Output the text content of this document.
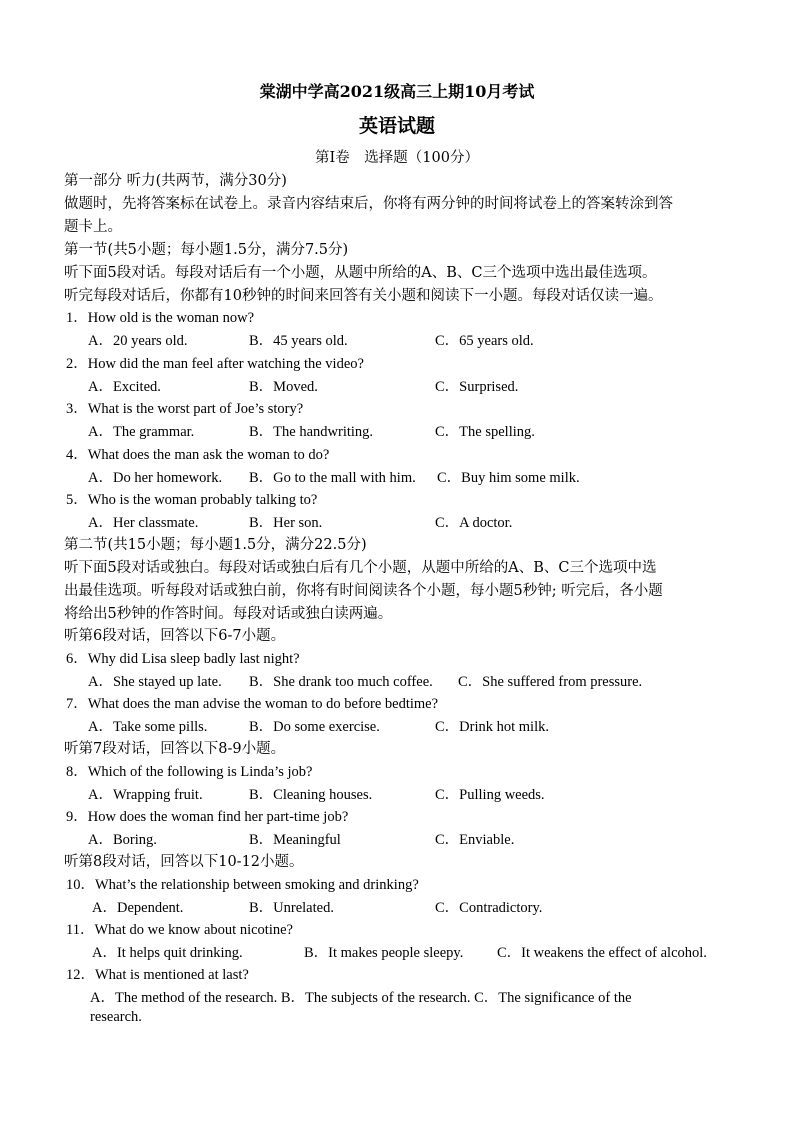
棠湖中学高2021级高三上期10月考试
英语试题
第Ⅰ卷　选择题（100分）
第一部分 听力(共两节，满分30分)
做题时，先将答案标在试卷上。录音内容结束后，你将有两分钟的时间将试卷上的答案转涂到答
题卡上。
第一节(共5小题；每小题1.5分，满分7.5分)
听下面5段对话。每段对话后有一个小题，从题中所给的A、B、C三个选项中选出最佳选项。
听完每段对话后，你都有10秒钟的时间来回答有关小题和阅读下一小题。每段对话仅读一遍。
1．How old is the woman now?
A．20 years old.	B．45 years old.	C．65 years old.
2．How did the man feel after watching the video?
A．Excited.	B．Moved.	C．Surprised.
3．What is the worst part of Joe’s story?
A．The grammar.	B．The handwriting.	C．The spelling.
4．What does the man ask the woman to do?
A．Do her homework. B．Go to the mall with him. C．Buy him some milk.
5．Who is the woman probably talking to?
A．Her classmate.	B．Her son.	C．A doctor.
第二节(共15小题；每小题1.5分，满分22.5分)
听下面5段对话或独白。每段对话或独白后有几个小题，从题中所给的A、B、C三个选项中选
出最佳选项。听每段对话或独白前，你将有时间阅读各个小题，每小题5秒钟; 听完后，各小题
将给出5秒钟的作答时间。每段对话或独白读两遍。
听第6段对话，回答以下6-7小题。
6．Why did Lisa sleep badly last night?
A．She stayed up late. B．She drank too much coffee. C．She suffered from pressure.
7．What does the man advise the woman to do before bedtime?
A．Take some pills.	B．Do some exercise.	C．Drink hot milk.
听第7段对话，回答以下8-9小题。
8．Which of the following is Linda’s job?
A．Wrapping fruit.	B．Cleaning houses.	C．Pulling weeds.
9．How does the woman find her part-time job?
A．Boring.	B．Meaningful	C．Enviable.
听第8段对话，回答以下10-12小题。
10．What’s the relationship between smoking and drinking?
A．Dependent.	B．Unrelated.	C．Contradictory.
11．What do we know about nicotine?
A．It helps quit drinking.	B．It makes people sleepy. C．It weakens the effect of alcohol.
12．What is mentioned at last?
A．The method of the research. B．The subjects of the research. C．The significance of the
research.
